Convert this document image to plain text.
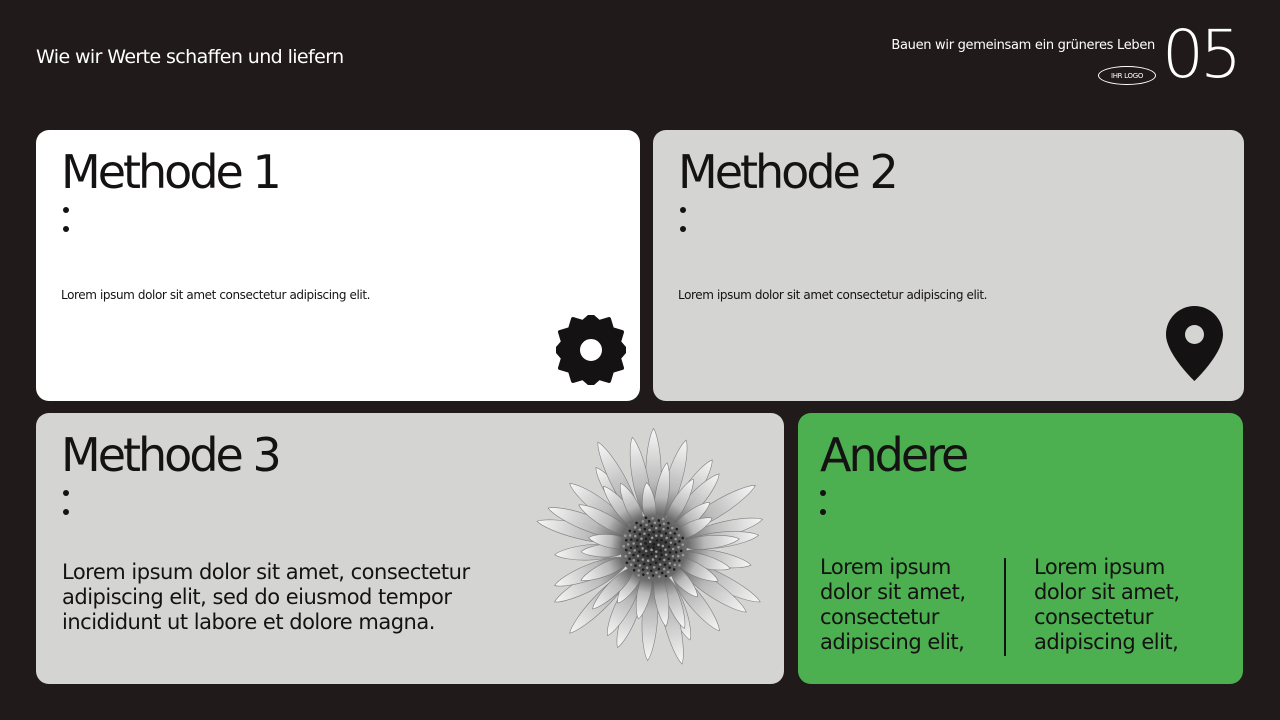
Wie wir Werte schaffen und liefern
Bauen wir gemeinsam ein grüneres Leben
IHR LOGO 05
Methode 1
Lorem ipsum dolor sit amet consectetur adipiscing elit.
Methode 2
Lorem ipsum dolor sit amet consectetur adipiscing elit.
Methode 3
Lorem ipsum dolor sit amet, consectetur adipiscing elit, sed do eiusmod tempor incididunt ut labore et dolore magna.
Andere
Lorem ipsum dolor sit amet, consectetur adipiscing elit,
Lorem ipsum dolor sit amet, consectetur adipiscing elit,
